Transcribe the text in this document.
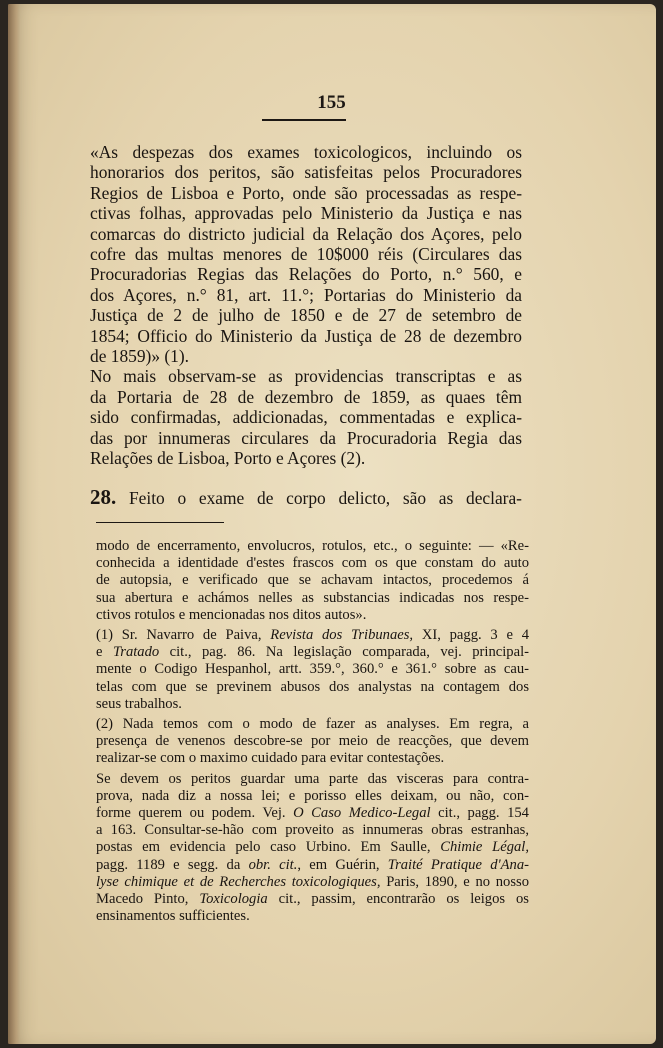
155
«As despezas dos exames toxicologicos, incluindo os
honorarios dos peritos, são satisfeitas pelos Procuradores
Regios de Lisboa e Porto, onde são processadas as respe-
ctivas folhas, approvadas pelo Ministerio da Justiça e nas
comarcas do districto judicial da Relação dos Açores, pelo
cofre das multas menores de 10$000 réis (Circulares das
Procuradorias Regias das Relações do Porto, n.° 560, e
dos Açores, n.° 81, art. 11.°; Portarias do Ministerio da
Justiça de 2 de julho de 1850 e de 27 de setembro de
1854; Officio do Ministerio da Justiça de 28 de dezembro
de 1859)» (1).
No mais observam-se as providencias transcriptas e as
da Portaria de 28 de dezembro de 1859, as quaes têm
sido confirmadas, addicionadas, commentadas e explica-
das por innumeras circulares da Procuradoria Regia das
Relações de Lisboa, Porto e Açores (2).
28. Feito o exame de corpo delicto, são as declara-
modo de encerramento, envolucros, rotulos, etc., o seguinte: — «Re-
conhecida a identidade d'estes frascos com os que constam do auto
de autopsia, e verificado que se achavam intactos, procedemos á
sua abertura e achámos nelles as substancias indicadas nos respe-
ctivos rotulos e mencionadas nos ditos autos».
(1) Sr. Navarro de Paiva, Revista dos Tribunaes, XI, pagg. 3 e 4
e Tratado cit., pag. 86. Na legislação comparada, vej. principal-
mente o Codigo Hespanhol, artt. 359.°, 360.° e 361.° sobre as cau-
telas com que se previnem abusos dos analystas na contagem dos
seus trabalhos.
(2) Nada temos com o modo de fazer as analyses. Em regra, a
presença de venenos descobre-se por meio de reacções, que devem
realizar-se com o maximo cuidado para evitar contestações.
Se devem os peritos guardar uma parte das visceras para contra-
prova, nada diz a nossa lei; e porisso elles deixam, ou não, con-
forme querem ou podem. Vej. O Caso Medico-Legal cit., pagg. 154
a 163. Consultar-se-hão com proveito as innumeras obras estranhas,
postas em evidencia pelo caso Urbino. Em Saulle, Chimie Légal,
pagg. 1189 e segg. da obr. cit., em Guérin, Traité Pratique d'Ana-
lyse chimique et de Recherches toxicologiques, Paris, 1890, e no nosso
Macedo Pinto, Toxicologia cit., passim, encontrarão os leigos os
ensinamentos sufficientes.
